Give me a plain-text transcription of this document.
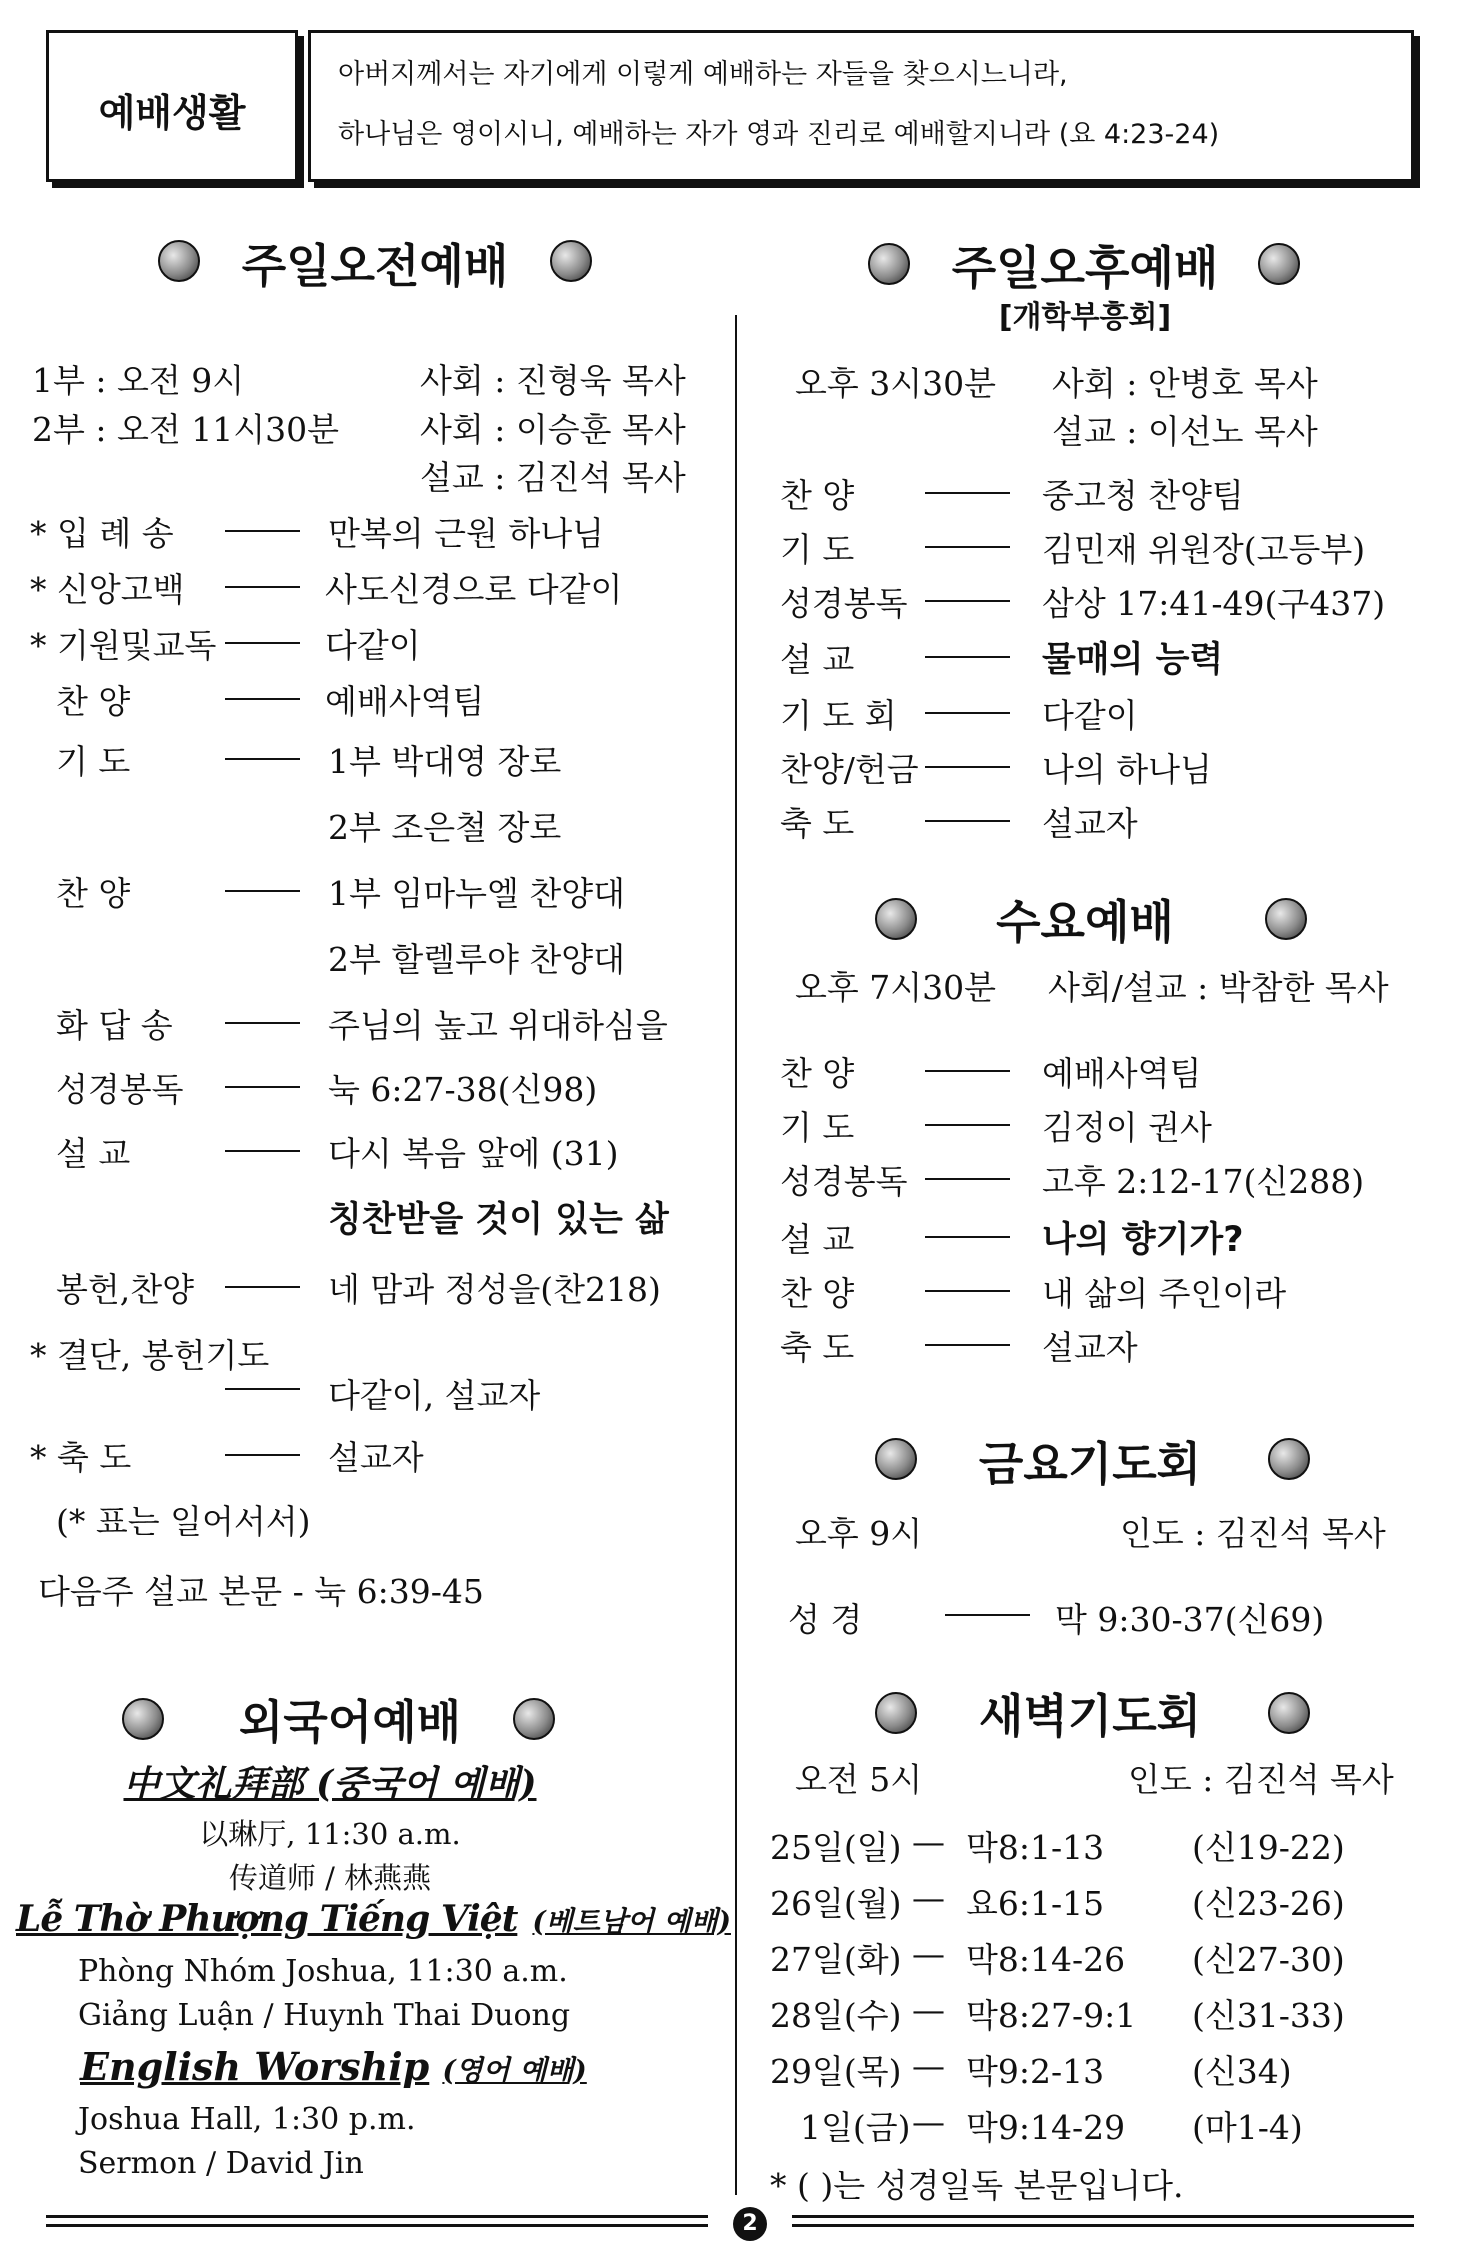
예배생활
아버지께서는 자기에게 이렇게 예배하는 자들을 찾으시느니라,
하나님은 영이시니, 예배하는 자가 영과 진리로 예배할지니라 (요 4:23-24)
주일오전예배
1부 : 오전 9시	사회 : 진형욱 목사
2부 : 오전 11시30분 사회 : 이승훈 목사
설교 : 김진석 목사
* 입 례 송	만복의 근원 하나님
* 신앙고백	사도신경으로 다같이
* 기원및교독	다같이
찬 양	예배사역팀
기 도	1부 박대영 장로
2부 조은철 장로
찬 양	1부 임마누엘 찬양대
2부 할렐루야 찬양대
화 답 송	주님의 높고 위대하심을
성경봉독	눅 6:27-38(신98)
설 교	다시 복음 앞에 (31)
칭찬받을 것이 있는 삶
봉헌,찬양	네 맘과 정성을(찬218)
* 결단, 봉헌기도
다같이, 설교자
* 축 도	설교자
(* 표는 일어서서)
다음주 설교 본문 - 눅 6:39-45
외국어예배
中文礼拜部 (중국어 예배)
以琳厅, 11:30 a.m.
传道师 / 林燕燕
Lễ Thờ Phượng Tiếng Việt (베트남어 예배)
Phòng Nhóm Joshua, 11:30 a.m.
Giảng Luận / Huynh Thai Duong
English Worship (영어 예배)
Joshua Hall, 1:30 p.m.
Sermon / David Jin
주일오후예배
[개학부흥회]
오후 3시30분 사회 : 안병호 목사
설교 : 이선노 목사
찬 양	중고청 찬양팀
기 도	김민재 위원장(고등부)
성경봉독	삼상 17:41-49(구437)
설 교	물매의 능력
기 도 회	다같이
찬양/헌금	나의 하나님
축 도	설교자
수요예배
오후 7시30분 사회/설교 : 박참한 목사
찬 양	예배사역팀
기 도	김정이 권사
성경봉독	고후 2:12-17(신288)
설 교	나의 향기가?
찬 양	내 삶의 주인이라
축 도	설교자
금요기도회
오후 9시	인도 : 김진석 목사
성 경	막 9:30-37(신69)
새벽기도회
오전 5시	인도 : 김진석 목사
25일(일) — 막8:1-13	(신19-22)
26일(월) — 요6:1-15	(신23-26)
27일(화) — 막8:14-26 (신27-30)
28일(수) — 막8:27-9:1 (신31-33)
29일(목) — 막9:2-13	(신34)
1일(금) — 막9:14-29 (마1-4)
* ( )는 성경일독 본문입니다.
2
